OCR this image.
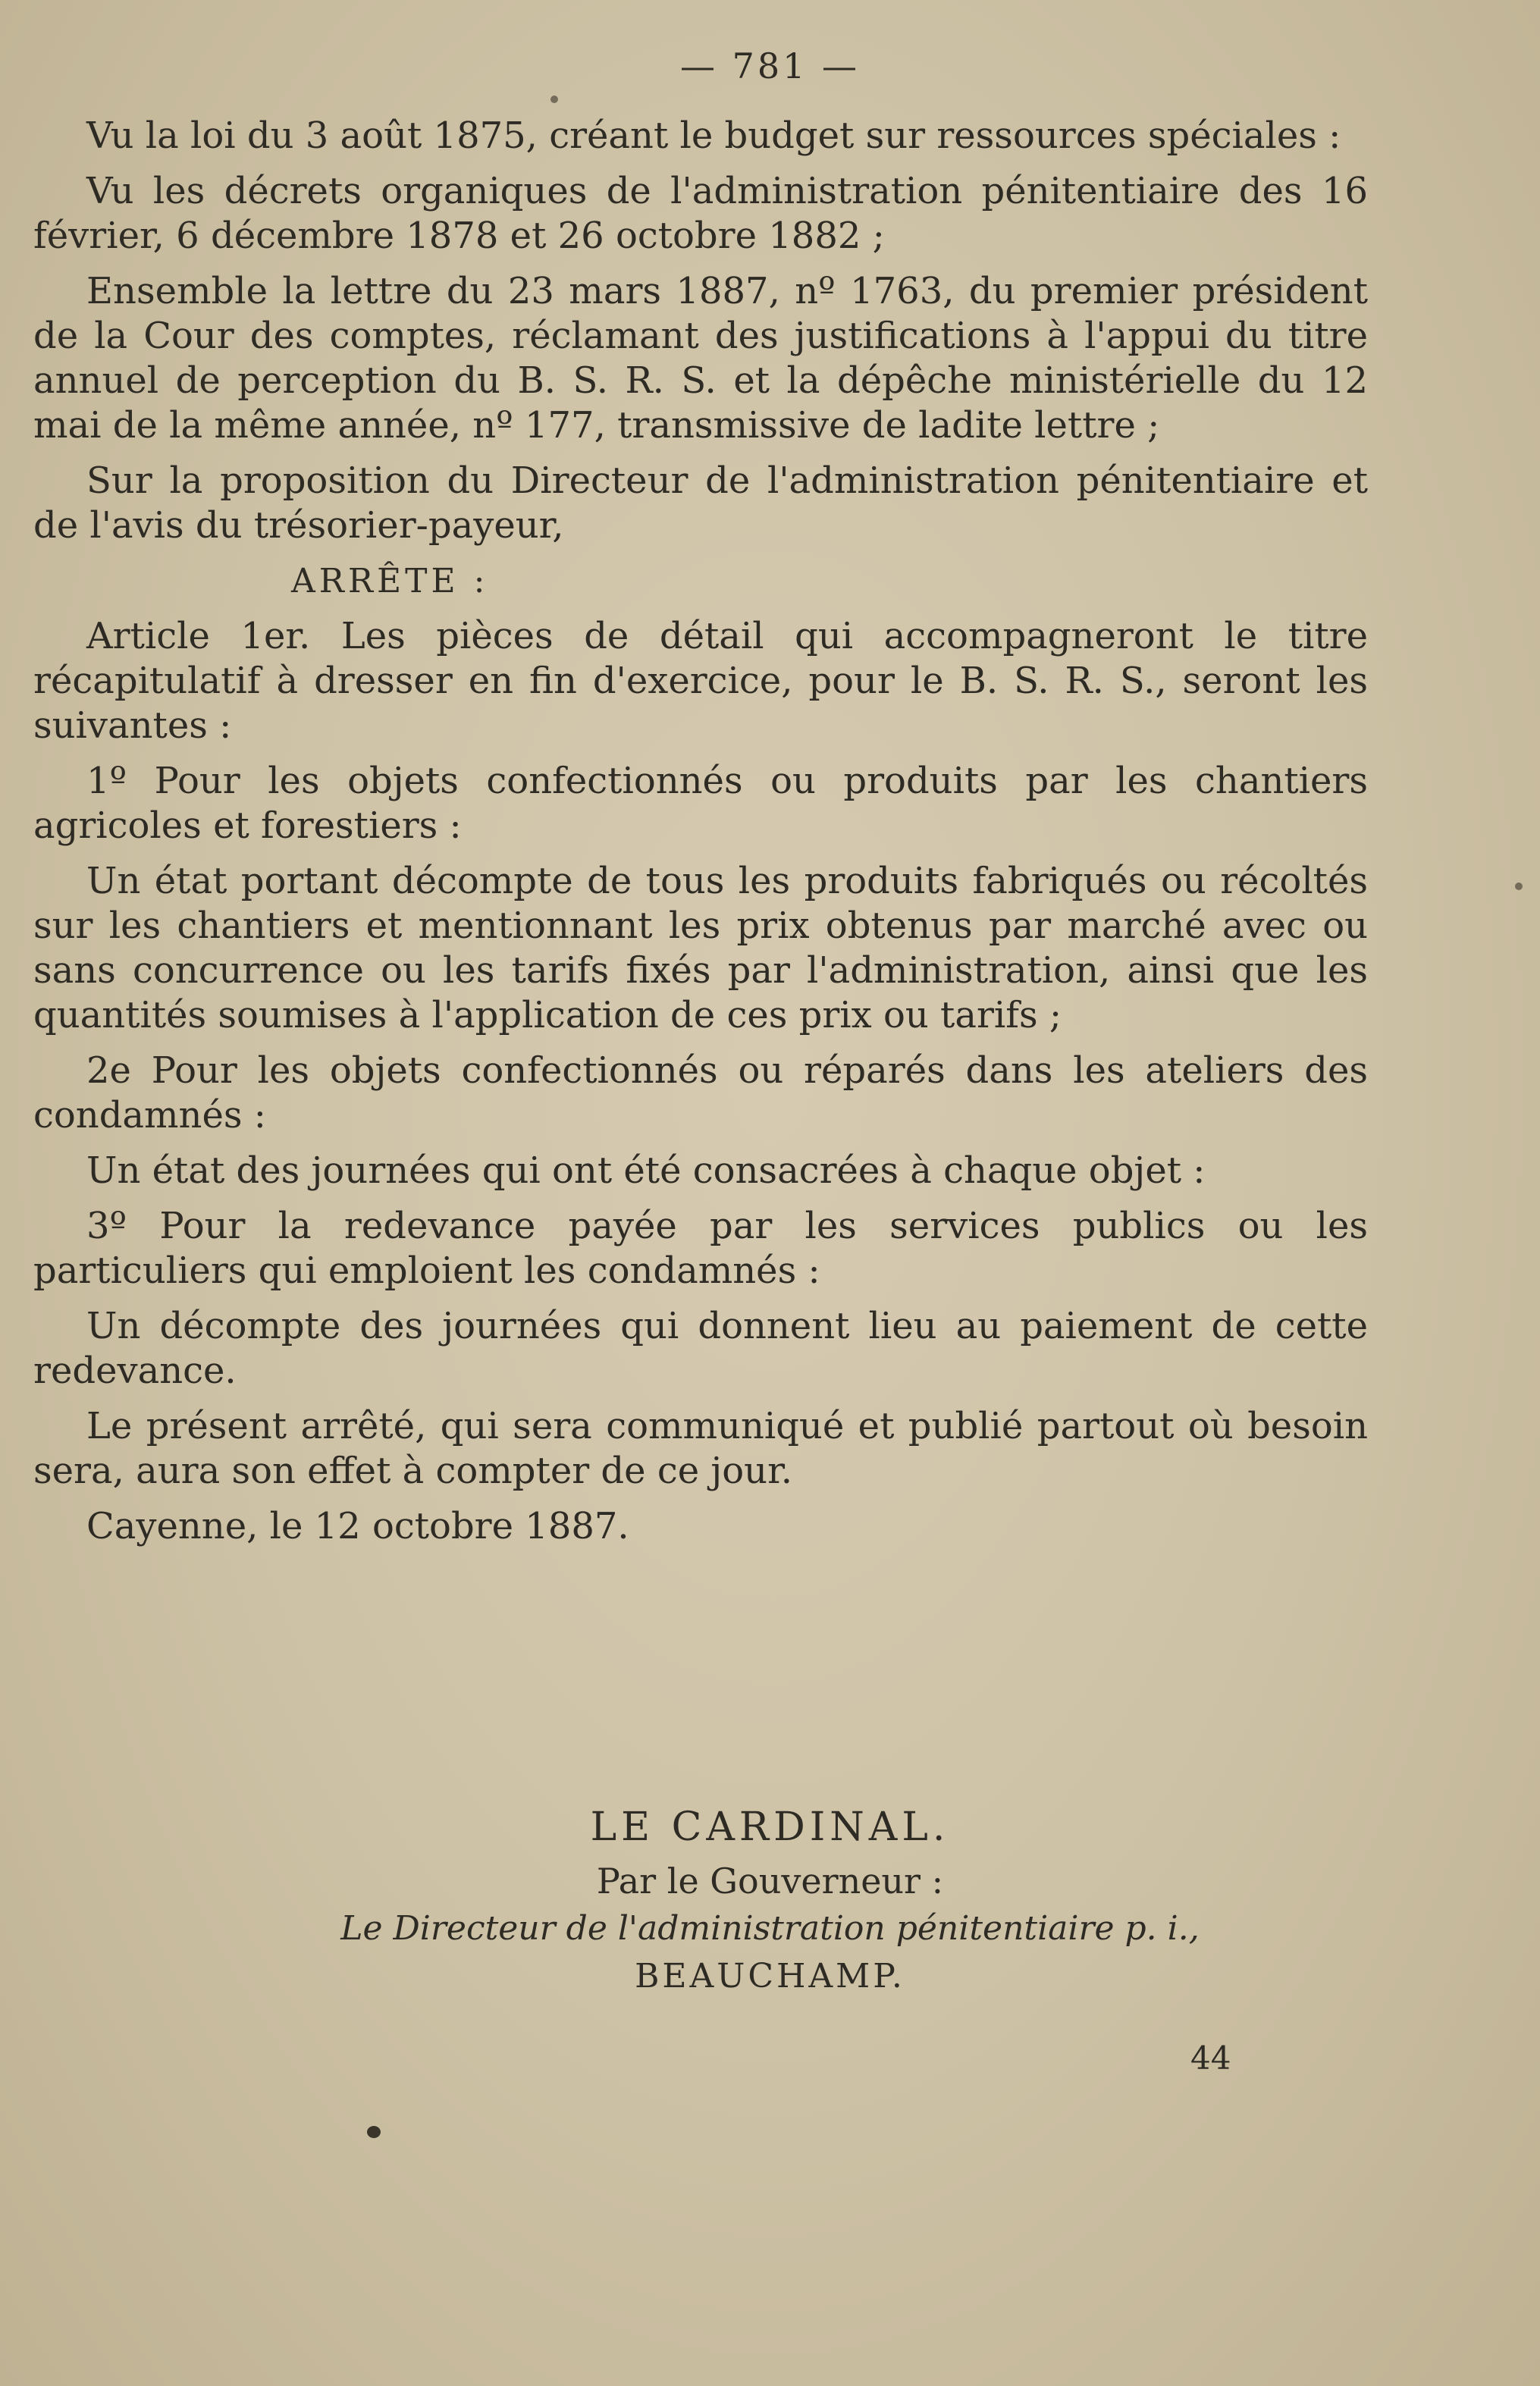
— 781 —

Vu la loi du 3 août 1875, créant le budget sur ressources spéciales :

Vu les décrets organiques de l'administration pénitentiaire des 16 février, 6 décembre 1878 et 26 octobre 1882 ;

Ensemble la lettre du 23 mars 1887, nº 1763, du premier président de la Cour des comptes, réclamant des justifications à l'appui du titre annuel de perception du B. S. R. S. et la dépêche ministérielle du 12 mai de la même année, nº 177, transmissive de ladite lettre ;

Sur la proposition du Directeur de l'administration pénitentiaire et de l'avis du trésorier-payeur,

ARRÊTE :

Article 1er. Les pièces de détail qui accompagneront le titre récapitulatif à dresser en fin d'exercice, pour le B. S. R. S., seront les suivantes :

1º Pour les objets confectionnés ou produits par les chantiers agricoles et forestiers :

Un état portant décompte de tous les produits fabriqués ou récoltés sur les chantiers et mentionnant les prix obtenus par marché avec ou sans concurrence ou les tarifs fixés par l'administration, ainsi que les quantités soumises à l'application de ces prix ou tarifs ;

2e Pour les objets confectionnés ou réparés dans les ateliers des condamnés :

Un état des journées qui ont été consacrées à chaque objet :

3º Pour la redevance payée par les services publics ou les particuliers qui emploient les condamnés :

Un décompte des journées qui donnent lieu au paiement de cette redevance.

Le présent arrêté, qui sera communiqué et publié partout où besoin sera, aura son effet à compter de ce jour.

Cayenne, le 12 octobre 1887.

LE CARDINAL.
Par le Gouverneur :
Le Directeur de l'administration pénitentiaire p. i.,
BEAUCHAMP.
44
